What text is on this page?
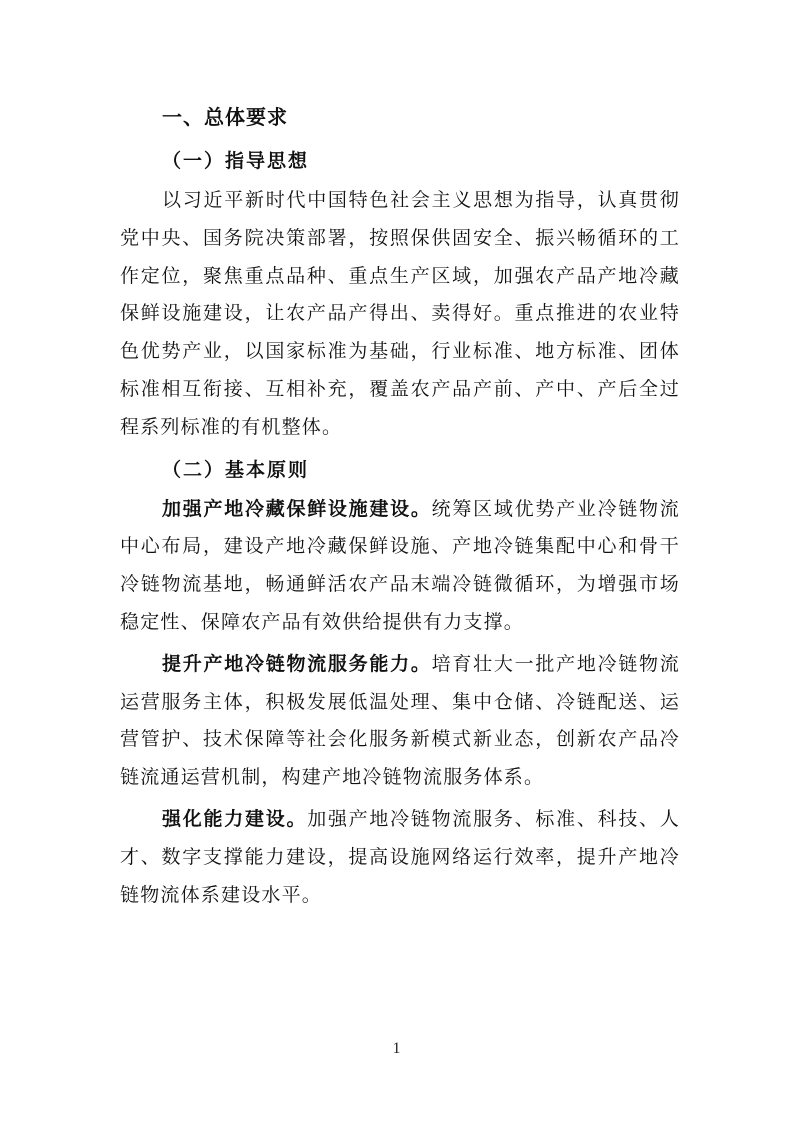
一、总体要求
（一）指导思想

以习近平新时代中国特色社会主义思想为指导，认真贯彻党中央、国务院决策部署，按照保供固安全、振兴畅循环的工作定位，聚焦重点品种、重点生产区域，加强农产品产地冷藏保鲜设施建设，让农产品产得出、卖得好。重点推进的农业特色优势产业，以国家标准为基础，行业标准、地方标准、团体标准相互衔接、互相补充，覆盖农产品产前、产中、产后全过程系列标准的有机整体。

（二）基本原则

加强产地冷藏保鲜设施建设。统筹区域优势产业冷链物流中心布局，建设产地冷藏保鲜设施、产地冷链集配中心和骨干冷链物流基地，畅通鲜活农产品末端冷链微循环，为增强市场稳定性、保障农产品有效供给提供有力支撑。

提升产地冷链物流服务能力。培育壮大一批产地冷链物流运营服务主体，积极发展低温处理、集中仓储、冷链配送、运营管护、技术保障等社会化服务新模式新业态，创新农产品冷链流通运营机制，构建产地冷链物流服务体系。

强化能力建设。加强产地冷链物流服务、标准、科技、人才、数字支撑能力建设，提高设施网络运行效率，提升产地冷链物流体系建设水平。

1
